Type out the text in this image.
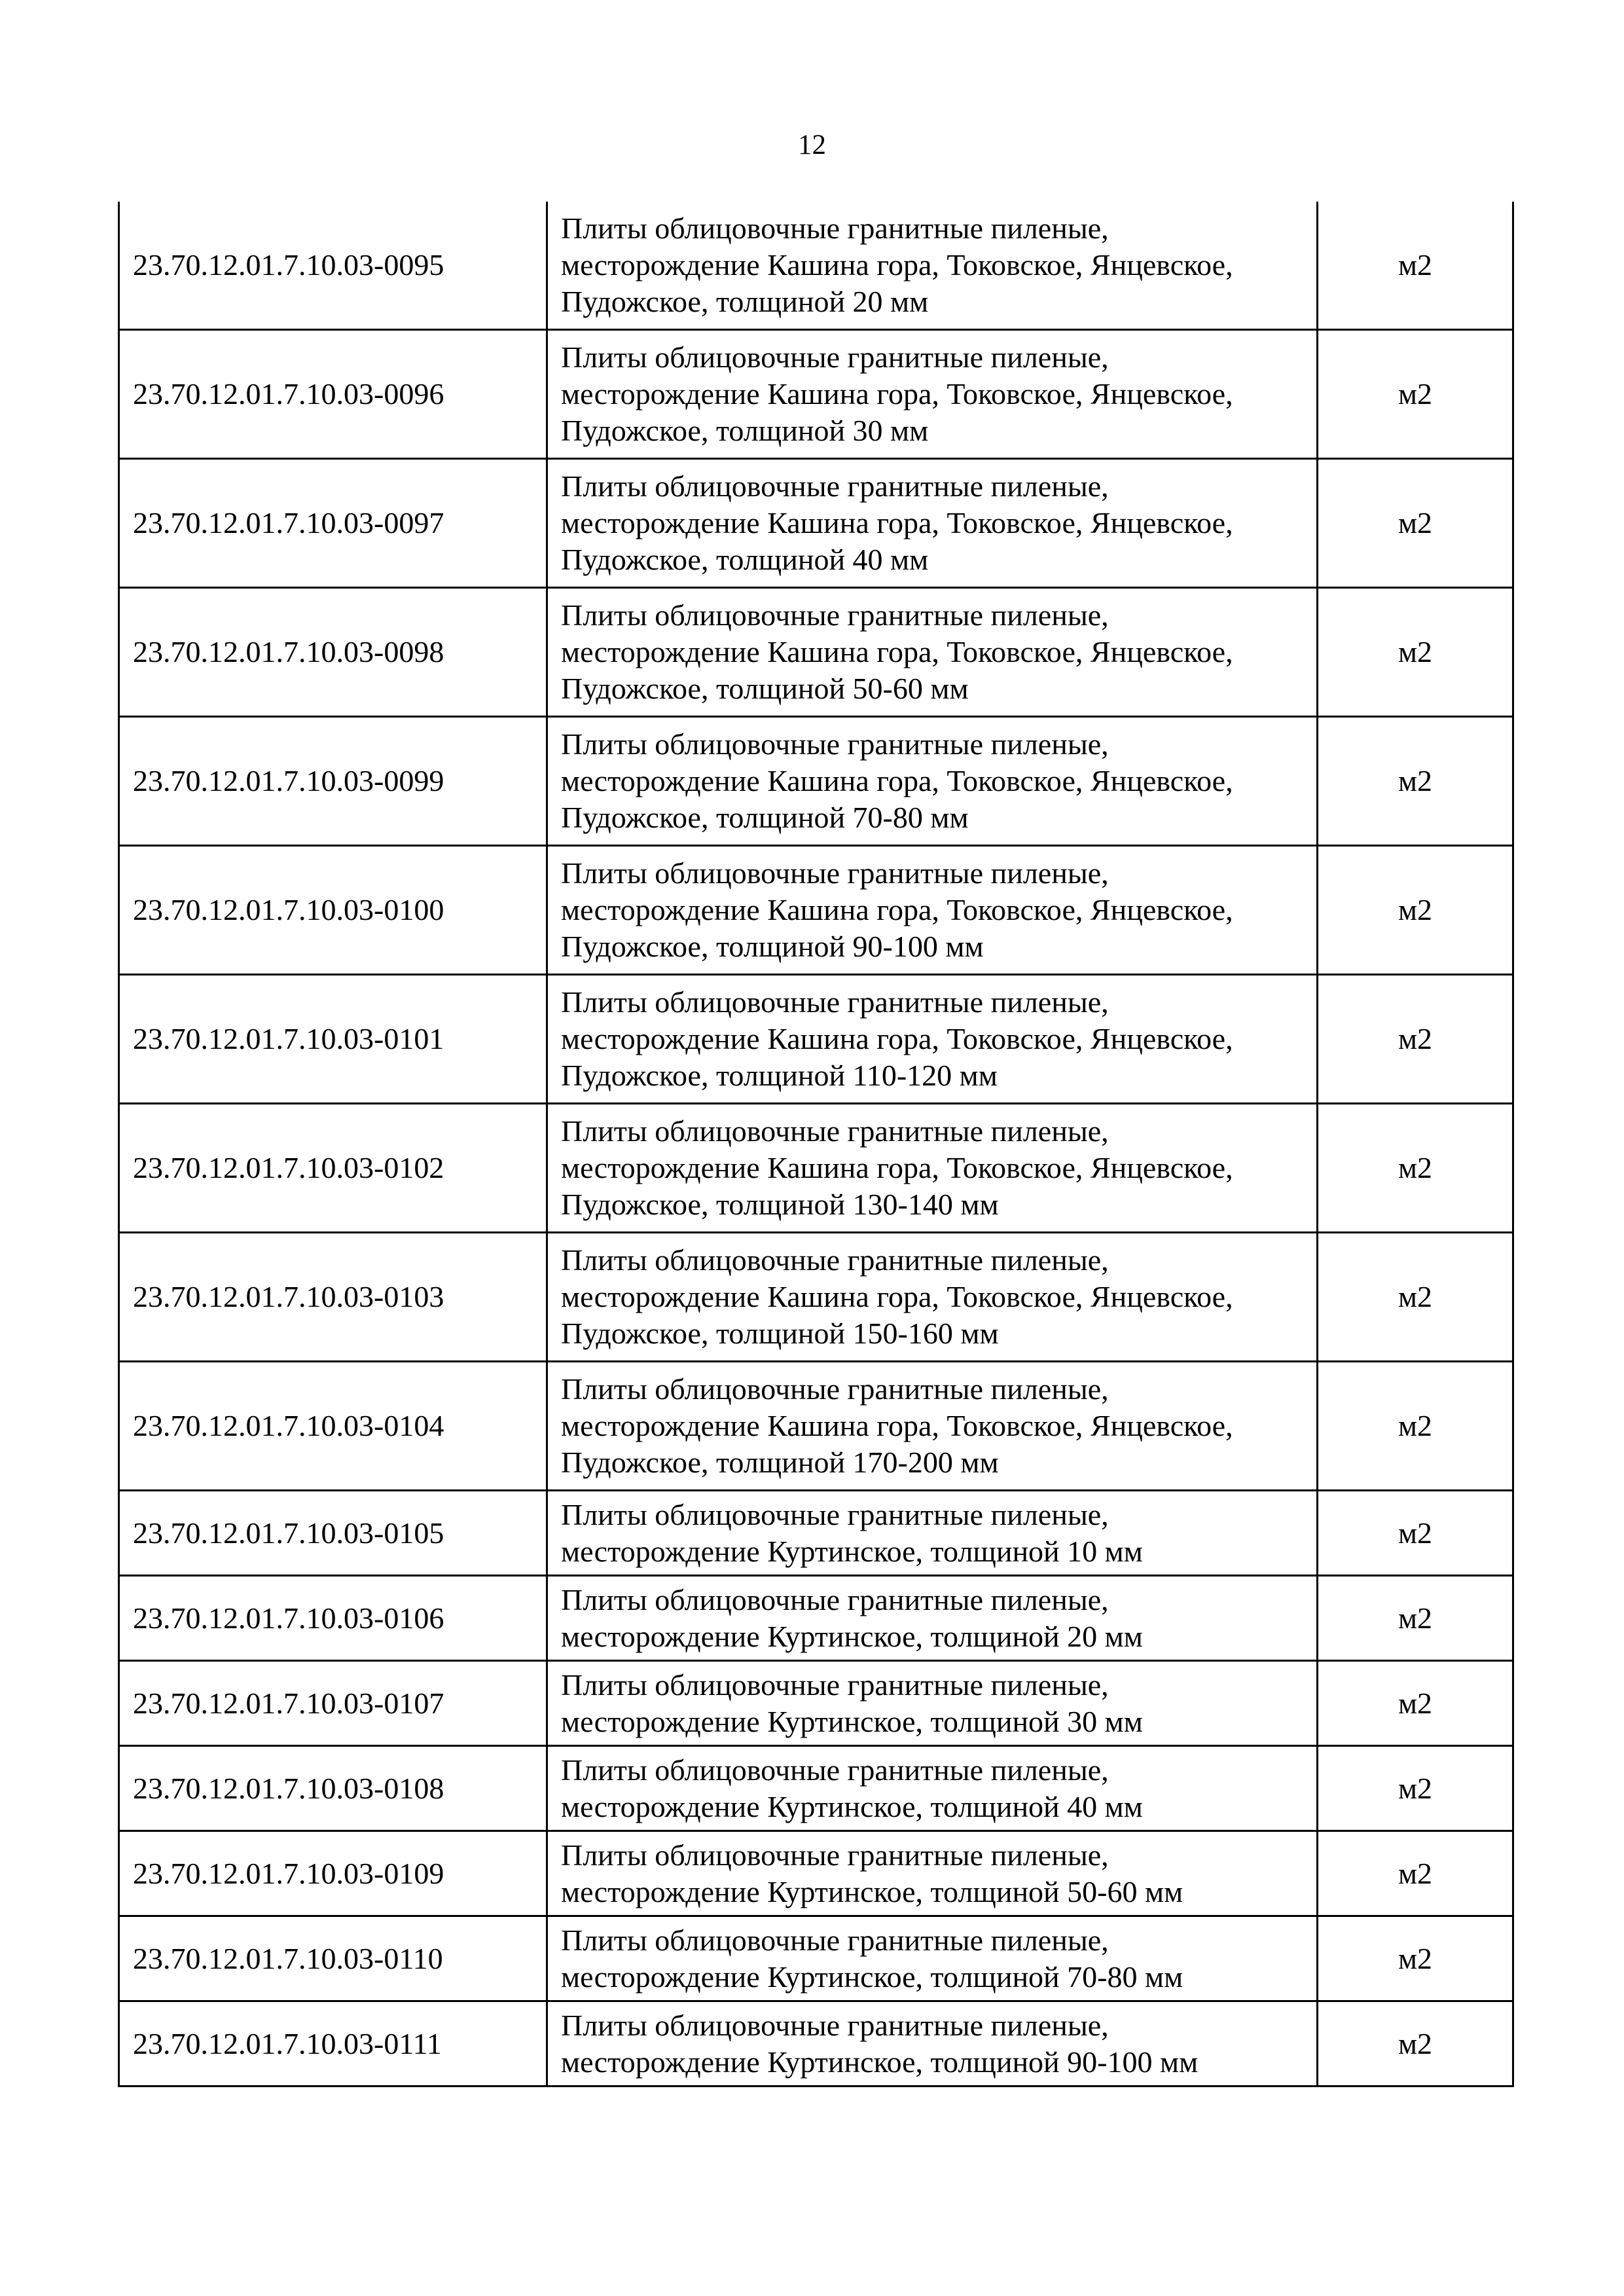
12
23.70.12.01.7.10.03-0095	Плиты облицовочные гранитные пиленые,
месторождение Кашина гора, Токовское, Янцевское,
Пудожское, толщиной 20 мм	м2
23.70.12.01.7.10.03-0096	Плиты облицовочные гранитные пиленые,
месторождение Кашина гора, Токовское, Янцевское,
Пудожское, толщиной 30 мм	м2
23.70.12.01.7.10.03-0097	Плиты облицовочные гранитные пиленые,
месторождение Кашина гора, Токовское, Янцевское,
Пудожское, толщиной 40 мм	м2
23.70.12.01.7.10.03-0098	Плиты облицовочные гранитные пиленые,
месторождение Кашина гора, Токовское, Янцевское,
Пудожское, толщиной 50-60 мм	м2
23.70.12.01.7.10.03-0099	Плиты облицовочные гранитные пиленые,
месторождение Кашина гора, Токовское, Янцевское,
Пудожское, толщиной 70-80 мм	м2
23.70.12.01.7.10.03-0100	Плиты облицовочные гранитные пиленые,
месторождение Кашина гора, Токовское, Янцевское,
Пудожское, толщиной 90-100 мм	м2
23.70.12.01.7.10.03-0101	Плиты облицовочные гранитные пиленые,
месторождение Кашина гора, Токовское, Янцевское,
Пудожское, толщиной 110-120 мм	м2
23.70.12.01.7.10.03-0102	Плиты облицовочные гранитные пиленые,
месторождение Кашина гора, Токовское, Янцевское,
Пудожское, толщиной 130-140 мм	м2
23.70.12.01.7.10.03-0103	Плиты облицовочные гранитные пиленые,
месторождение Кашина гора, Токовское, Янцевское,
Пудожское, толщиной 150-160 мм	м2
23.70.12.01.7.10.03-0104	Плиты облицовочные гранитные пиленые,
месторождение Кашина гора, Токовское, Янцевское,
Пудожское, толщиной 170-200 мм	м2
23.70.12.01.7.10.03-0105	Плиты облицовочные гранитные пиленые,
месторождение Куртинское, толщиной 10 мм	м2
23.70.12.01.7.10.03-0106	Плиты облицовочные гранитные пиленые,
месторождение Куртинское, толщиной 20 мм	м2
23.70.12.01.7.10.03-0107	Плиты облицовочные гранитные пиленые,
месторождение Куртинское, толщиной 30 мм	м2
23.70.12.01.7.10.03-0108	Плиты облицовочные гранитные пиленые,
месторождение Куртинское, толщиной 40 мм	м2
23.70.12.01.7.10.03-0109	Плиты облицовочные гранитные пиленые,
месторождение Куртинское, толщиной 50-60 мм	м2
23.70.12.01.7.10.03-0110	Плиты облицовочные гранитные пиленые,
месторождение Куртинское, толщиной 70-80 мм	м2
23.70.12.01.7.10.03-0111	Плиты облицовочные гранитные пиленые,
месторождение Куртинское, толщиной 90-100 мм	м2
